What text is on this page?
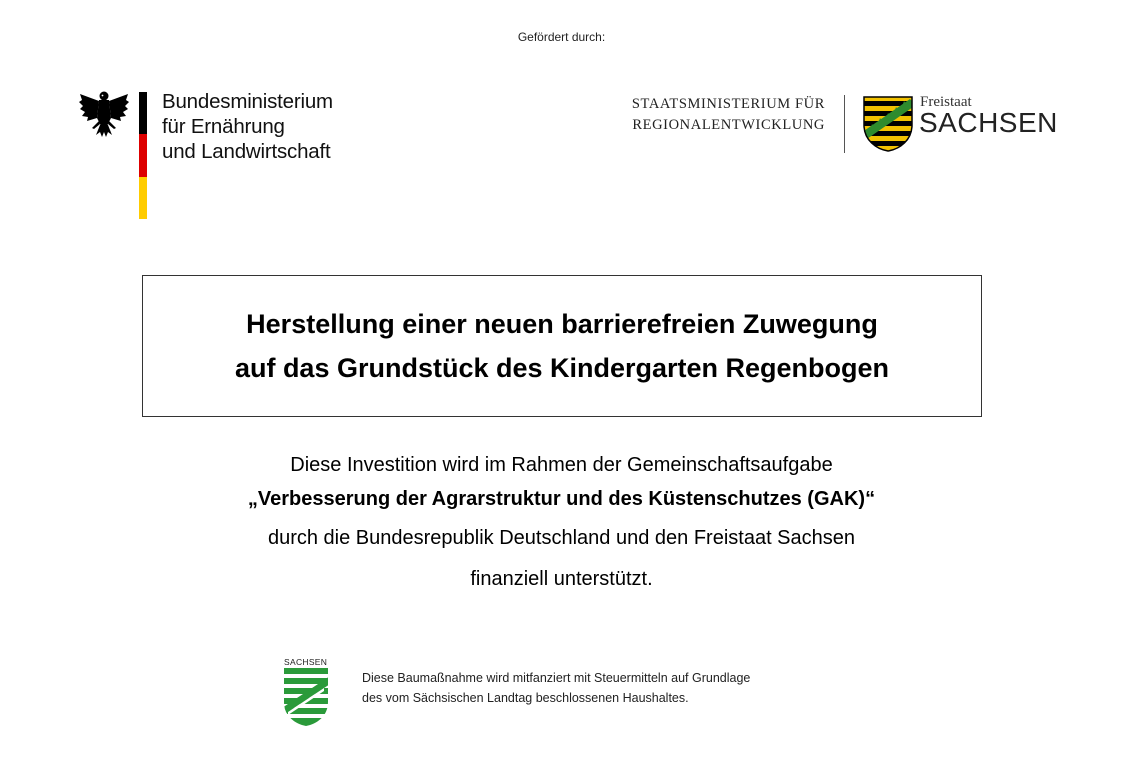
Gefördert durch:
Bundesministerium
für Ernährung
und Landwirtschaft
STAATSMINISTERIUM FÜR
REGIONALENTWICKLUNG
Freistaat
SACHSEN
Herstellung einer neuen barrierefreien Zuwegung
auf das Grundstück des Kindergarten Regenbogen
Diese Investition wird im Rahmen der Gemeinschaftsaufgabe
„Verbesserung der Agrarstruktur und des Küstenschutzes (GAK)“
durch die Bundesrepublik Deutschland und den Freistaat Sachsen
finanziell unterstützt.
SACHSEN
Diese Baumaßnahme wird mitfanziert mit Steuermitteln auf Grundlage
des vom Sächsischen Landtag beschlossenen Haushaltes.
